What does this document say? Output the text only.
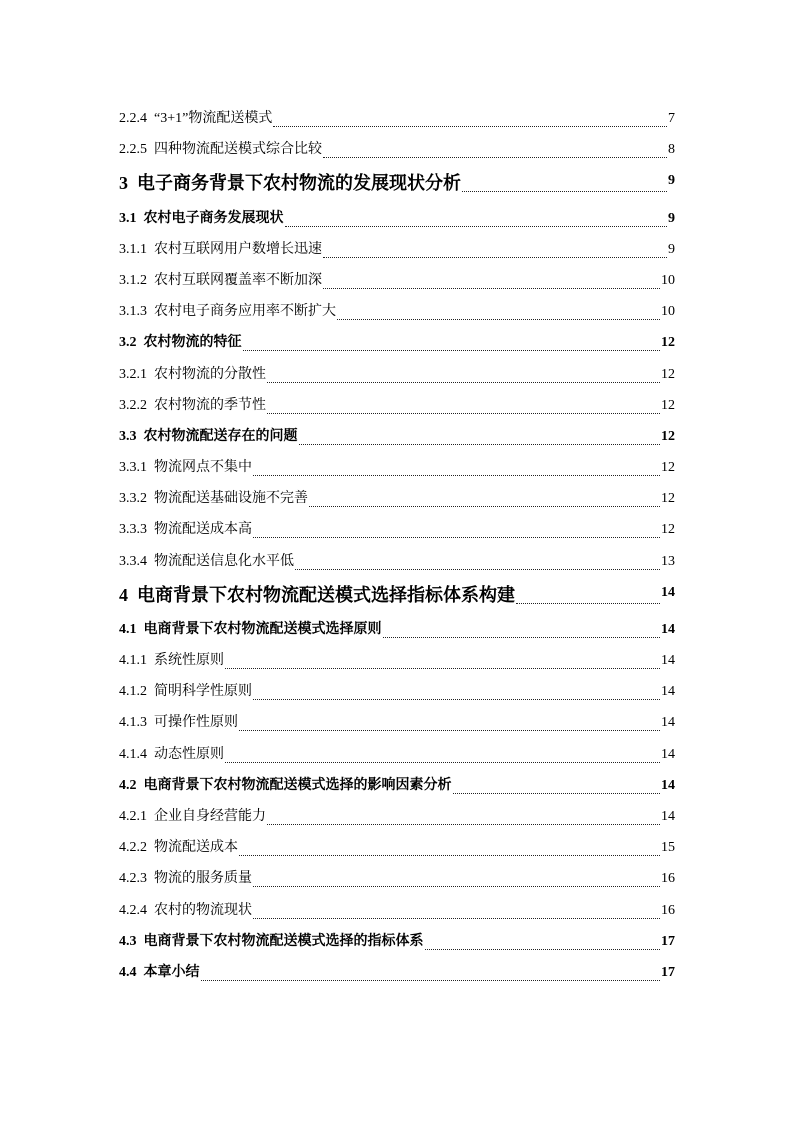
2.2.4 “3+1”物流配送模式	7
2.2.5 四种物流配送模式综合比较	8
3 电子商务背景下农村物流的发展现状分析	9
3.1 农村电子商务发展现状	9
3.1.1 农村互联网用户数增长迅速	9
3.1.2 农村互联网覆盖率不断加深	10
3.1.3 农村电子商务应用率不断扩大	10
3.2 农村物流的特征	12
3.2.1 农村物流的分散性	12
3.2.2 农村物流的季节性	12
3.3 农村物流配送存在的问题	12
3.3.1 物流网点不集中	12
3.3.2 物流配送基础设施不完善	12
3.3.3 物流配送成本高	12
3.3.4 物流配送信息化水平低	13
4 电商背景下农村物流配送模式选择指标体系构建	14
4.1 电商背景下农村物流配送模式选择原则	14
4.1.1 系统性原则	14
4.1.2 简明科学性原则	14
4.1.3 可操作性原则	14
4.1.4 动态性原则	14
4.2 电商背景下农村物流配送模式选择的影响因素分析	14
4.2.1 企业自身经营能力	14
4.2.2 物流配送成本	15
4.2.3 物流的服务质量	16
4.2.4 农村的物流现状	16
4.3 电商背景下农村物流配送模式选择的指标体系	17
4.4 本章小结	17
